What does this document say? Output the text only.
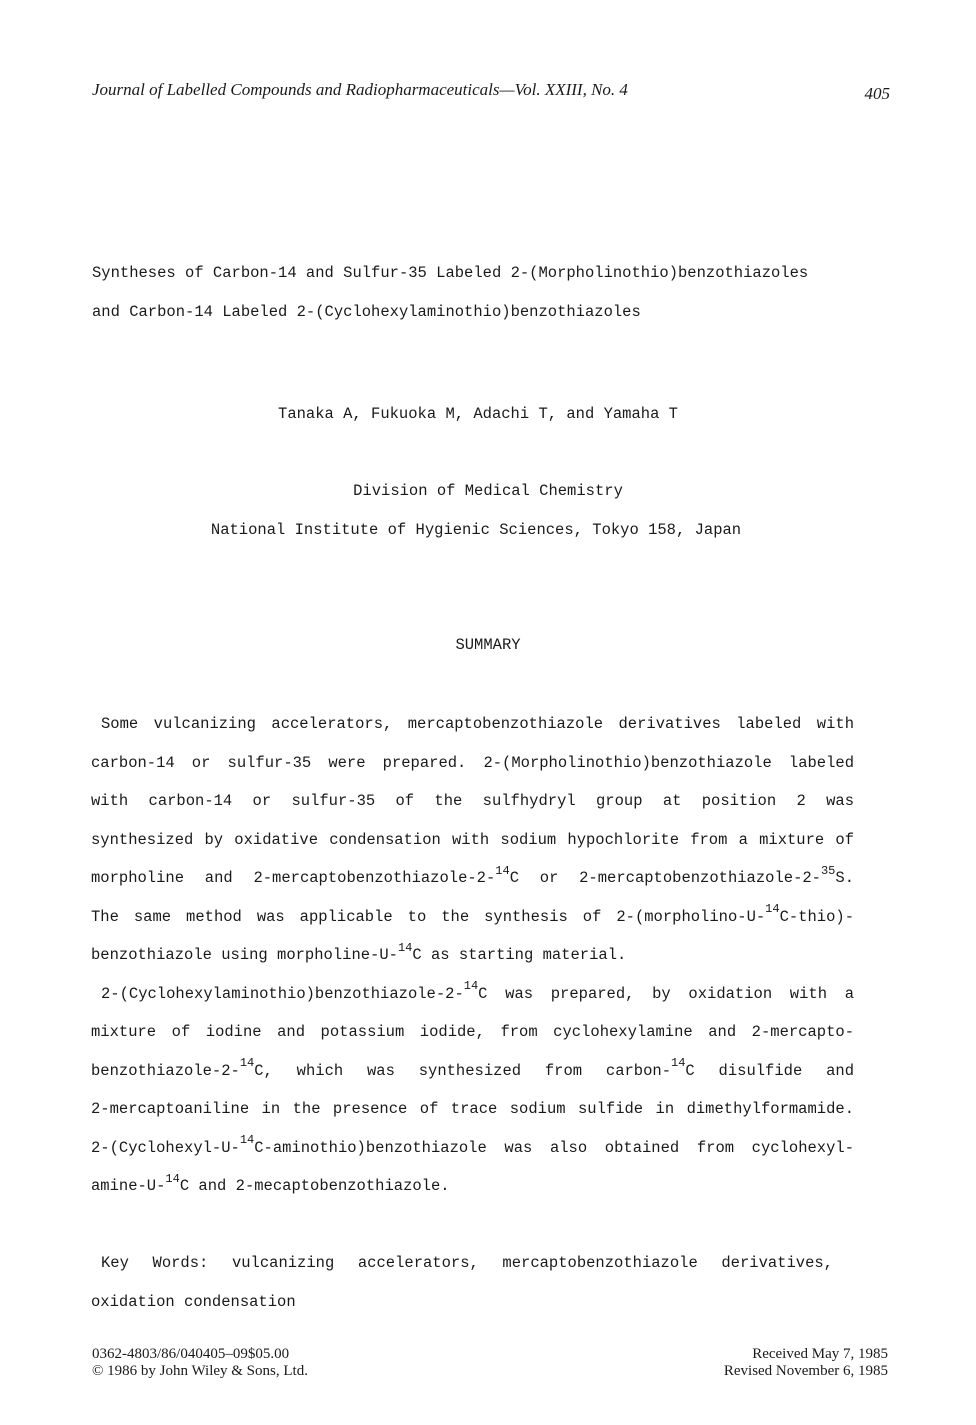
Journal of Labelled Compounds and Radiopharmaceuticals—Vol. XXIII, No. 4	405
Syntheses of Carbon-14 and Sulfur-35 Labeled 2-(Morpholinothio)benzothiazoles
and Carbon-14 Labeled 2-(Cyclohexylaminothio)benzothiazoles
Tanaka A, Fukuoka M, Adachi T, and Yamaha T
Division of Medical Chemistry
National Institute of Hygienic Sciences, Tokyo 158, Japan
SUMMARY
Some vulcanizing accelerators, mercaptobenzothiazole derivatives labeled with
carbon-14 or sulfur-35 were prepared. 2-(Morpholinothio)benzothiazole labeled
with carbon-14 or sulfur-35 of the sulfhydryl group at position 2 was
synthesized by oxidative condensation with sodium hypochlorite from a mixture of
morpholine and 2-mercaptobenzothiazole-2-$^{14}$C or 2-mercaptobenzothiazole-2-$^{35}$S.
The same method was applicable to the synthesis of 2-(morpholino-U-$^{14}$C-thio)-
benzothiazole using morpholine-U-$^{14}$C as starting material.
2-(Cyclohexylaminothio)benzothiazole-2-$^{14}$C was prepared, by oxidation with a
mixture of iodine and potassium iodide, from cyclohexylamine and 2-mercapto-
benzothiazole-2-$^{14}$C, which was synthesized from carbon-$^{14}$C disulfide and
2-mercaptoaniline in the presence of trace sodium sulfide in dimethylformamide.
2-(Cyclohexyl-U-$^{14}$C-aminothio)benzothiazole was also obtained from cyclohexyl-
amine-U-$^{14}$C and 2-mecaptobenzothiazole.
Key Words: vulcanizing accelerators, mercaptobenzothiazole derivatives,
oxidation condensation
0362-4803/86/040405–09$05.00
© 1986 by John Wiley & Sons, Ltd.
Received May 7, 1985
Revised November 6, 1985
